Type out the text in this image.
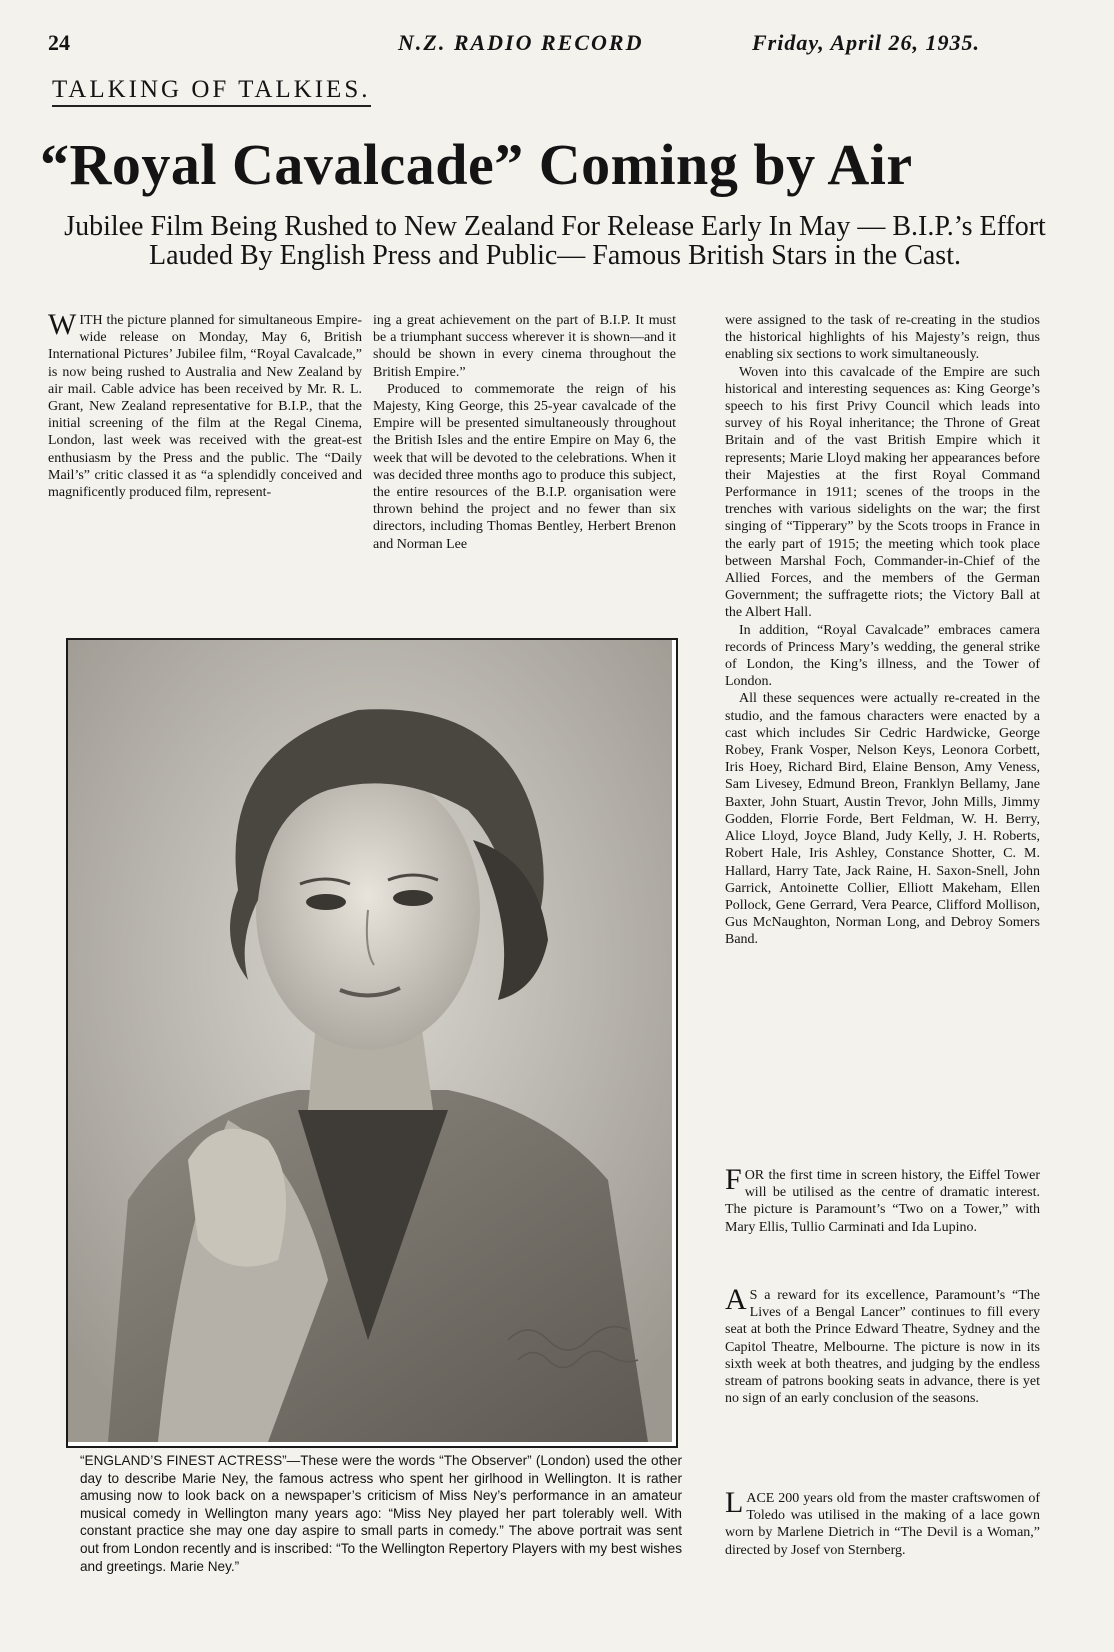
24	N.Z. RADIO RECORD	Friday, April 26, 1935.
TALKING OF TALKIES.
“Royal Cavalcade” Coming by Air
Jubilee Film Being Rushed to New Zealand For Release Early In May — B.I.P.’s Effort Lauded By English Press and Public— Famous British Stars in the Cast.

WITH the picture planned for simultaneous Empire-wide release on Monday, May 6, British International Pictures’ Jubilee film, “Royal Cavalcade,” is now being rushed to Australia and New Zealand by air mail. Cable advice has been received by Mr. R. L. Grant, New Zealand representative for B.I.P., that the initial screening of the film at the Regal Cinema, London, last week was received with the great-est enthusiasm by the Press and the public. The “Daily Mail’s” critic classed it as “a splendidly conceived and magnificently produced film, represent-

ing a great achievement on the part of B.I.P. It must be a triumphant success wherever it is shown—and it should be shown in every cinema throughout the British Empire.”

Produced to commemorate the reign of his Majesty, King George, this 25-year cavalcade of the Empire will be presented simultaneously throughout the British Isles and the entire Empire on May 6, the week that will be devoted to the celebrations. When it was decided three months ago to produce this subject, the entire resources of the B.I.P. organisation were thrown behind the project and no fewer than six directors, including Thomas Bentley, Herbert Brenon and Norman Lee

were assigned to the task of re-creating in the studios the historical highlights of his Majesty’s reign, thus enabling six sections to work simultaneously.

Woven into this cavalcade of the Empire are such historical and interesting sequences as: King George’s speech to his first Privy Council which leads into survey of his Royal inheritance; the Throne of Great Britain and of the vast British Empire which it represents; Marie Lloyd making her appearances before their Majesties at the first Royal Command Performance in 1911; scenes of the troops in the trenches with various sidelights on the war; the first singing of “Tipperary” by the Scots troops in France in the early part of 1915; the meeting which took place between Marshal Foch, Commander-in-Chief of the Allied Forces, and the members of the German Government; the suffragette riots; the Victory Ball at the Albert Hall.

In addition, “Royal Cavalcade” embraces camera records of Princess Mary’s wedding, the general strike of London, the King’s illness, and the Tower of London.

All these sequences were actually re-created in the studio, and the famous characters were enacted by a cast which includes Sir Cedric Hardwicke, George Robey, Frank Vosper, Nelson Keys, Leonora Corbett, Iris Hoey, Richard Bird, Elaine Benson, Amy Veness, Sam Livesey, Edmund Breon, Franklyn Bellamy, Jane Baxter, John Stuart, Austin Trevor, John Mills, Jimmy Godden, Florrie Forde, Bert Feldman, W. H. Berry, Alice Lloyd, Joyce Bland, Judy Kelly, J. H. Roberts, Robert Hale, Iris Ashley, Constance Shotter, C. M. Hallard, Harry Tate, Jack Raine, H. Saxon-Snell, John Garrick, Antoinette Collier, Elliott Makeham, Ellen Pollock, Gene Gerrard, Vera Pearce, Clifford Mollison, Gus McNaughton, Norman Long, and Debroy Somers Band.

FOR the first time in screen history, the Eiffel Tower will be utilised as the centre of dramatic interest. The picture is Paramount’s “Two on a Tower,” with Mary Ellis, Tullio Carminati and Ida Lupino.

A S a reward for its excellence, Paramount’s “The Lives of a Bengal Lancer” continues to fill every seat at both the Prince Edward Theatre, Sydney and the Capitol Theatre, Melbourne. The picture is now in its sixth week at both theatres, and judging by the endless stream of patrons booking seats in advance, there is yet no sign of an early conclusion of the seasons.

LACE 200 years old from the master craftswomen of Toledo was utilised in the making of a lace gown worn by Marlene Dietrich in “The Devil is a Woman,” directed by Josef von Sternberg.

“ENGLAND’S FINEST ACTRESS”—These were the words “The Observer” (London) used the other day to describe Marie Ney, the famous actress who spent her girlhood in Wellington. It is rather amusing now to look back on a newspaper’s criticism of Miss Ney’s performance in an amateur musical comedy in Wellington many years ago: “Miss Ney played her part tolerably well. With constant practice she may one day aspire to small parts in comedy.” The above portrait was sent out from London recently and is inscribed: “To the Wellington Repertory Players with my best wishes and greetings. Marie Ney.”
